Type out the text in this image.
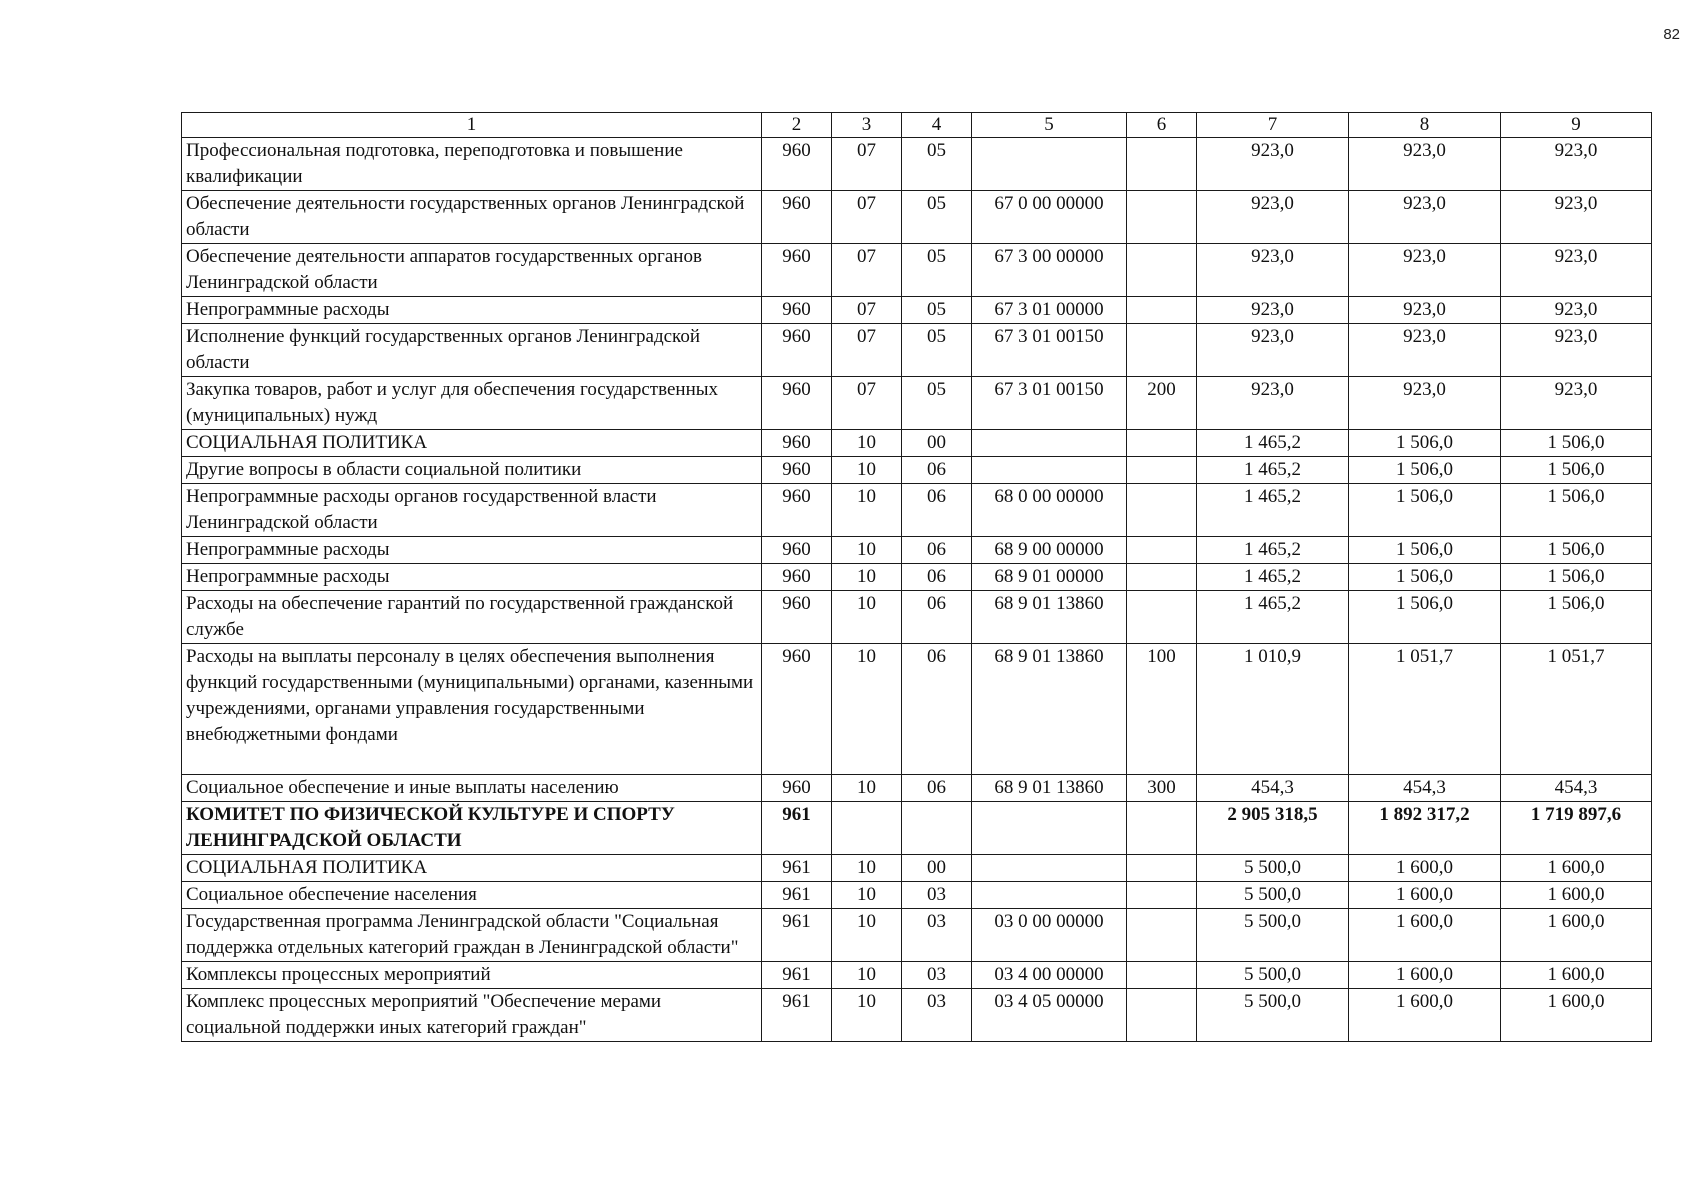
82
1	2	3	4	5	6	7	8	9
Профессиональная подготовка, переподготовка и повышение квалификации	960	07	05			923,0	923,0	923,0
Обеспечение деятельности государственных органов Ленинградской области	960	07	05	67 0 00 00000		923,0	923,0	923,0
Обеспечение деятельности аппаратов государственных органов Ленинградской области	960	07	05	67 3 00 00000		923,0	923,0	923,0
Непрограммные расходы	960	07	05	67 3 01 00000		923,0	923,0	923,0
Исполнение функций государственных органов Ленинградской области	960	07	05	67 3 01 00150		923,0	923,0	923,0
Закупка товаров, работ и услуг для обеспечения государственных (муниципальных) нужд	960	07	05	67 3 01 00150	200	923,0	923,0	923,0
СОЦИАЛЬНАЯ ПОЛИТИКА	960	10	00			1 465,2	1 506,0	1 506,0
Другие вопросы в области социальной политики	960	10	06			1 465,2	1 506,0	1 506,0
Непрограммные расходы органов государственной власти Ленинградской области	960	10	06	68 0 00 00000		1 465,2	1 506,0	1 506,0
Непрограммные расходы	960	10	06	68 9 00 00000		1 465,2	1 506,0	1 506,0
Непрограммные расходы	960	10	06	68 9 01 00000		1 465,2	1 506,0	1 506,0
Расходы на обеспечение гарантий по государственной гражданской службе	960	10	06	68 9 01 13860		1 465,2	1 506,0	1 506,0
Расходы на выплаты персоналу в целях обеспечения выполнения функций государственными (муниципальными) органами, казенными учреждениями, органами управления государственными внебюджетными фондами	960	10	06	68 9 01 13860	100	1 010,9	1 051,7	1 051,7
Социальное обеспечение и иные выплаты населению	960	10	06	68 9 01 13860	300	454,3	454,3	454,3
КОМИТЕТ ПО ФИЗИЧЕСКОЙ КУЛЬТУРЕ И СПОРТУ ЛЕНИНГРАДСКОЙ ОБЛАСТИ	961					2 905 318,5	1 892 317,2	1 719 897,6
СОЦИАЛЬНАЯ ПОЛИТИКА	961	10	00			5 500,0	1 600,0	1 600,0
Социальное обеспечение населения	961	10	03			5 500,0	1 600,0	1 600,0
Государственная программа Ленинградской области "Социальная поддержка отдельных категорий граждан в Ленинградской области"	961	10	03	03 0 00 00000		5 500,0	1 600,0	1 600,0
Комплексы процессных мероприятий	961	10	03	03 4 00 00000		5 500,0	1 600,0	1 600,0
Комплекс процессных мероприятий "Обеспечение мерами социальной поддержки иных категорий граждан"	961	10	03	03 4 05 00000		5 500,0	1 600,0	1 600,0
